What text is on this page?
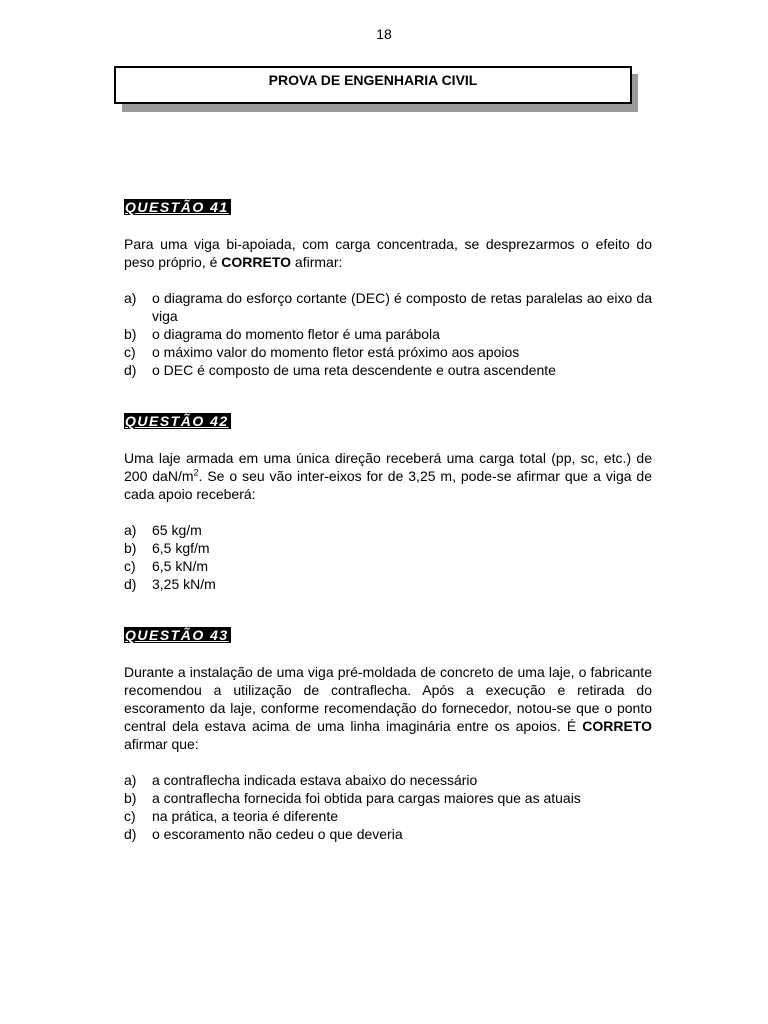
18
PROVA DE ENGENHARIA CIVIL
QUESTÃO 41
Para uma viga bi-apoiada, com carga concentrada, se desprezarmos o efeito do peso próprio, é CORRETO afirmar:
a)	o diagrama do esforço cortante (DEC) é composto de retas paralelas ao eixo da viga
b)	o diagrama do momento fletor é uma parábola
c)	o máximo valor do momento fletor está próximo aos apoios
d)	o DEC é composto de uma reta descendente e outra ascendente
QUESTÃO 42
Uma laje armada em uma única direção receberá uma carga total (pp, sc, etc.) de 200 daN/$m^2$. Se o seu vão inter-eixos for de 3,25 m, pode-se afirmar que a viga de cada apoio receberá:
a)	65 kg/m
b)	6,5 kgf/m
c)	6,5 kN/m
d)	3,25 kN/m
QUESTÃO 43
Durante a instalação de uma viga pré-moldada de concreto de uma laje, o fabricante recomendou a utilização de contraflecha. Após a execução e retirada do escoramento da laje, conforme recomendação do fornecedor, notou-se que o ponto central dela estava acima de uma linha imaginária entre os apoios. É CORRETO afirmar que:
a)	a contraflecha indicada estava abaixo do necessário
b)	a contraflecha fornecida foi obtida para cargas maiores que as atuais
c)	na prática, a teoria é diferente
d)	o escoramento não cedeu o que deveria
